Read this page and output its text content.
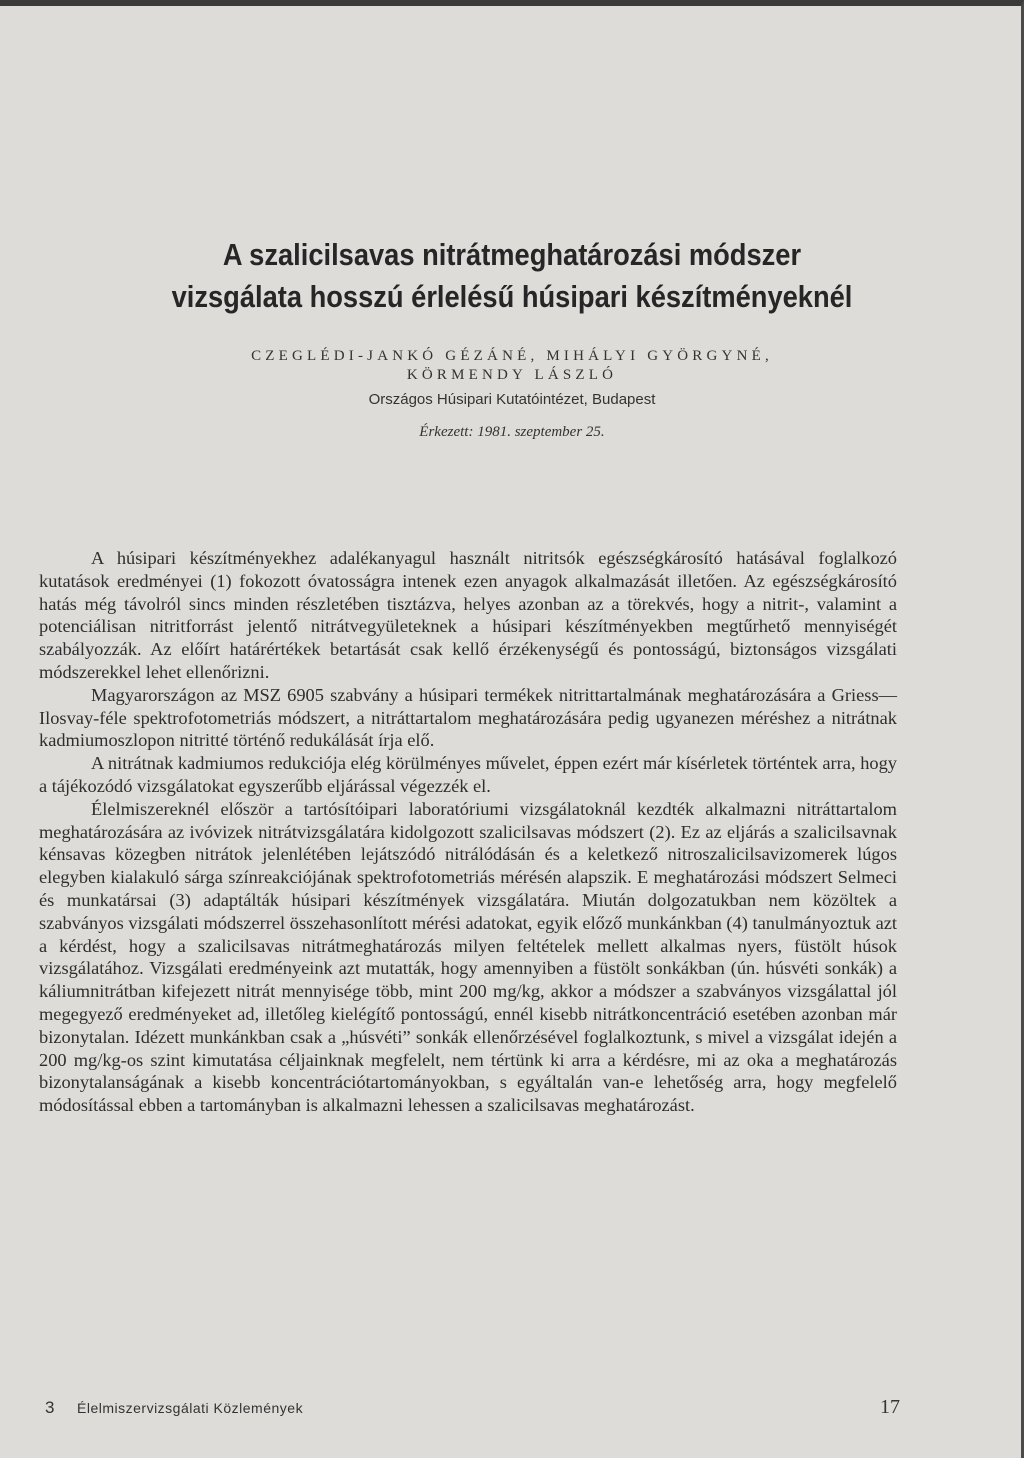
A szalicilsavas nitrátmeghatározási módszer
vizsgálata hosszú érlelésű húsipari készítményeknél
CZEGLÉDI-JANKÓ GÉZÁNÉ, MIHÁLYI GYÖRGYNÉ,
KÖRMENDY LÁSZLÓ
Országos Húsipari Kutatóintézet, Budapest
Érkezett: 1981. szeptember 25.

A húsipari készítményekhez adalékanyagul használt nitritsók egészségkárosító hatásával foglalkozó kutatások eredményei (1) fokozott óvatosságra intenek ezen anyagok alkalmazását illetően. Az egészségkárosító hatás még távolról sincs minden részletében tisztázva, helyes azonban az a törekvés, hogy a nitrit-, valamint a potenciálisan nitritforrást jelentő nitrátvegyületeknek a húsipari készítményekben megtűrhető mennyiségét szabályozzák. Az előírt határértékek betartását csak kellő érzékenységű és pontosságú, biztonságos vizsgálati módszerekkel lehet ellenőrizni.

Magyarországon az MSZ 6905 szabvány a húsipari termékek nitrittartalmának meghatározására a Griess—Ilosvay-féle spektrofotometriás módszert, a nitráttartalom meghatározására pedig ugyanezen méréshez a nitrátnak kadmiumoszlopon nitritté történő redukálását írja elő.

A nitrátnak kadmiumos redukciója elég körülményes művelet, éppen ezért már kísérletek történtek arra, hogy a tájékozódó vizsgálatokat egyszerűbb eljárással végezzék el.

Élelmiszereknél először a tartósítóipari laboratóriumi vizsgálatoknál kezdték alkalmazni nitráttartalom meghatározására az ivóvizek nitrátvizsgálatára kidolgozott szalicilsavas módszert (2). Ez az eljárás a szalicilsavnak kénsavas közegben nitrátok jelenlétében lejátszódó nitrálódásán és a keletkező nitroszalicilsavizomerek lúgos elegyben kialakuló sárga színreakciójának spektrofotometriás mérésén alapszik. E meghatározási módszert Selmeci és munkatársai (3) adaptálták húsipari készítmények vizsgálatára. Miután dolgozatukban nem közöltek a szabványos vizsgálati módszerrel összehasonlított mérési adatokat, egyik előző munkánkban (4) tanulmányoztuk azt a kérdést, hogy a szalicilsavas nitrátmeghatározás milyen feltételek mellett alkalmas nyers, füstölt húsok vizsgálatához. Vizsgálati eredményeink azt mutatták, hogy amennyiben a füstölt sonkákban (ún. húsvéti sonkák) a káliumnitrátban kifejezett nitrát mennyisége több, mint 200 mg/kg, akkor a módszer a szabványos vizsgálattal jól megegyező eredményeket ad, illetőleg kielégítő pontosságú, ennél kisebb nitrátkoncentráció esetében azonban már bizonytalan. Idézett munkánkban csak a „húsvéti” sonkák ellenőrzésével foglalkoztunk, s mivel a vizsgálat idején a 200 mg/kg-os szint kimutatása céljainknak megfelelt, nem tértünk ki arra a kérdésre, mi az oka a meghatározás bizonytalanságának a kisebb koncentrációtartományokban, s egyáltalán van-e lehetőség arra, hogy megfelelő módosítással ebben a tartományban is alkalmazni lehessen a szalicilsavas meghatározást.

3 Élelmiszervizsgálati Közlemények	17
